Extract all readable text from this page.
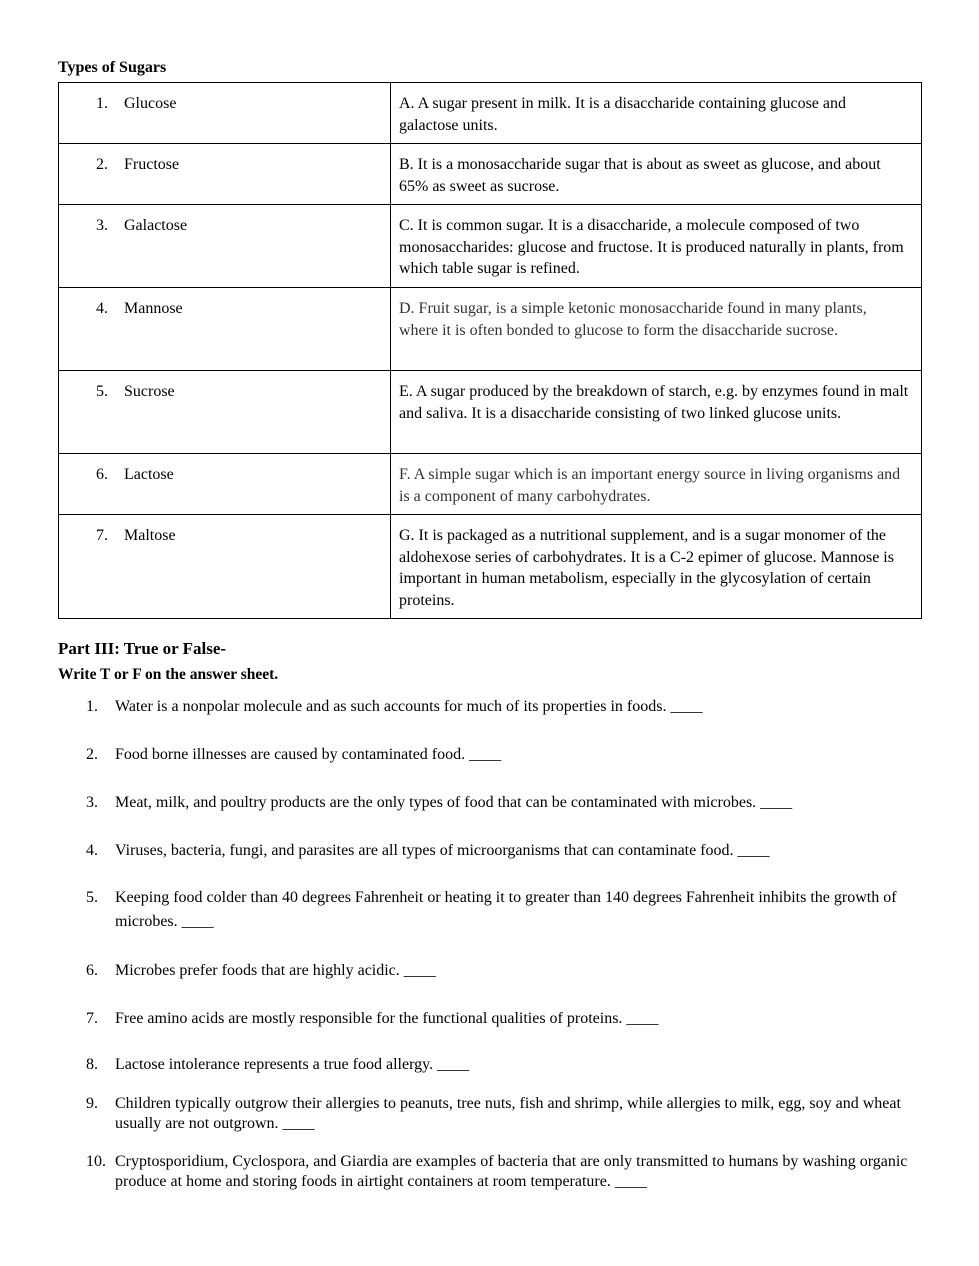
Types of Sugars
1. Glucose	A. A sugar present in milk. It is a disaccharide containing glucose and galactose units.

2. Fructose	B. It is a monosaccharide sugar that is about as sweet as glucose, and about 65% as sweet as sucrose.

3. Galactose	C. It is common sugar. It is a disaccharide, a molecule composed of two monosaccharides: glucose and fructose. It is produced naturally in plants, from which table sugar is refined.

4. Mannose	D. Fruit sugar, is a simple ketonic monosaccharide found in many plants, where it is often bonded to glucose to form the disaccharide sucrose.

5. Sucrose	E. A sugar produced by the breakdown of starch, e.g. by enzymes found in malt and saliva. It is a disaccharide consisting of two linked glucose units.

6. Lactose	F. A simple sugar which is an important energy source in living organisms and is a component of many carbohydrates.

7. Maltose	G. It is packaged as a nutritional supplement, and is a sugar monomer of the aldohexose series of carbohydrates. It is a C-2 epimer of glucose. Mannose is important in human metabolism, especially in the glycosylation of certain proteins.
Part III: True or False-
Write T or F on the answer sheet.
1.	Water is a nonpolar molecule and as such accounts for much of its properties in foods. ____
2.	Food borne illnesses are caused by contaminated food. ____
3.	Meat, milk, and poultry products are the only types of food that can be contaminated with microbes. ____
4.	Viruses, bacteria, fungi, and parasites are all types of microorganisms that can contaminate food. ____
5.	Keeping food colder than 40 degrees Fahrenheit or heating it to greater than 140 degrees Fahrenheit inhibits the growth of microbes. ____
6.	Microbes prefer foods that are highly acidic. ____
7.	Free amino acids are mostly responsible for the functional qualities of proteins. ____
8.	Lactose intolerance represents a true food allergy. ____
9.	Children typically outgrow their allergies to peanuts, tree nuts, fish and shrimp, while allergies to milk, egg, soy and wheat usually are not outgrown. ____
10. Cryptosporidium, Cyclospora, and Giardia are examples of bacteria that are only transmitted to humans by washing organic produce at home and storing foods in airtight containers at room temperature. ____
